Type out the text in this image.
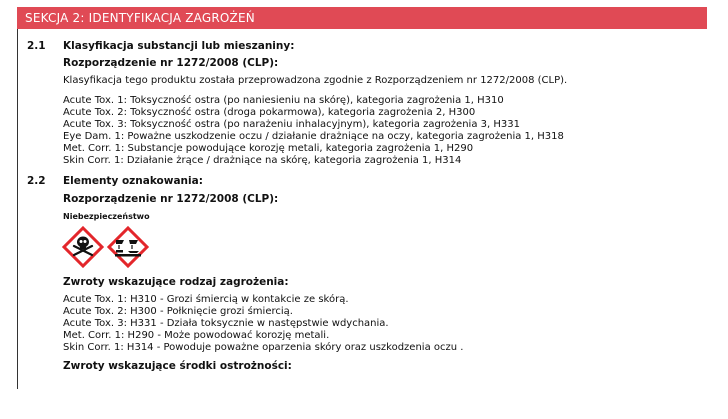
SEKCJA 2: IDENTYFIKACJA ZAGROŻEŃ
2.1 Klasyfikacja substancji lub mieszaniny:
Rozporządzenie nr 1272/2008 (CLP):
Klasyfikacja tego produktu została przeprowadzona zgodnie z Rozporządzeniem nr 1272/2008 (CLP).
Acute Tox. 1: Toksyczność ostra (po naniesieniu na skórę), kategoria zagrożenia 1, H310
Acute Tox. 2: Toksyczność ostra (droga pokarmowa), kategoria zagrożenia 2, H300
Acute Tox. 3: Toksyczność ostra (po narażeniu inhalacyjnym), kategoria zagrożenia 3, H331
Eye Dam. 1: Poważne uszkodzenie oczu / działanie drażniące na oczy, kategoria zagrożenia 1, H318
Met. Corr. 1: Substancje powodujące korozję metali, kategoria zagrożenia 1, H290
Skin Corr. 1: Działanie żrące / drażniące na skórę, kategoria zagrożenia 1, H314
2.2 Elementy oznakowania:
Rozporządzenie nr 1272/2008 (CLP):
Niebezpieczeństwo
Zwroty wskazujące rodzaj zagrożenia:
Acute Tox. 1: H310 - Grozi śmiercią w kontakcie ze skórą.
Acute Tox. 2: H300 - Połknięcie grozi śmiercią.
Acute Tox. 3: H331 - Działa toksycznie w następstwie wdychania.
Met. Corr. 1: H290 - Może powodować korozję metali.
Skin Corr. 1: H314 - Powoduje poważne oparzenia skóry oraz uszkodzenia oczu .
Zwroty wskazujące środki ostrożności:
